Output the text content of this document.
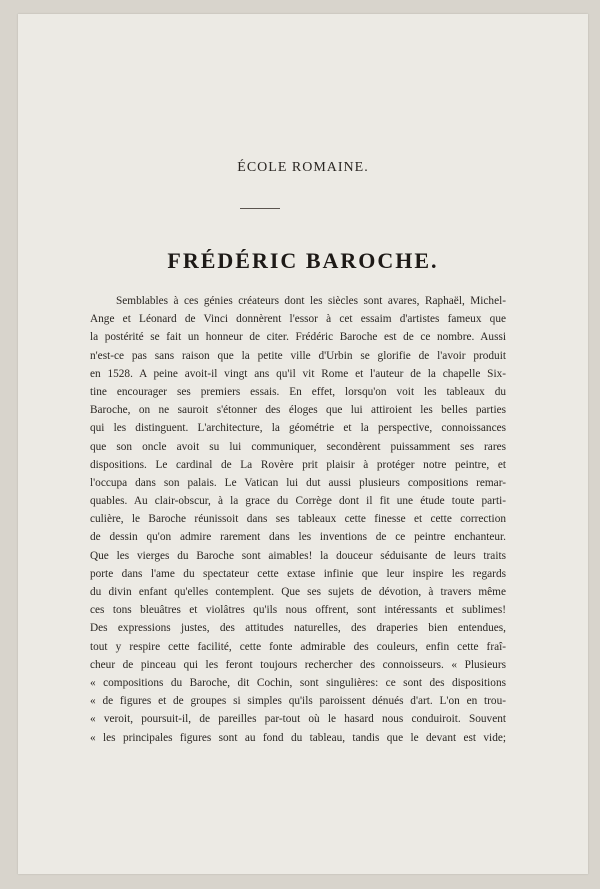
ÉCOLE ROMAINE.
FRÉDÉRIC BAROCHE.
Semblables à ces génies créateurs dont les siècles sont avares, Raphaël, Michel-
Ange et Léonard de Vinci donnèrent l'essor à cet essaim d'artistes fameux que
la postérité se fait un honneur de citer. Frédéric Baroche est de ce nombre. Aussi
n'est-ce pas sans raison que la petite ville d'Urbin se glorifie de l'avoir produit
en 1528. A peine avoit-il vingt ans qu'il vit Rome et l'auteur de la chapelle Six-
tine encourager ses premiers essais. En effet, lorsqu'on voit les tableaux du
Baroche, on ne sauroit s'étonner des éloges que lui attiroient les belles parties
qui les distinguent. L'architecture, la géométrie et la perspective, connoissances
que son oncle avoit su lui communiquer, secondèrent puissamment ses rares
dispositions. Le cardinal de La Rovère prit plaisir à protéger notre peintre, et
l'occupa dans son palais. Le Vatican lui dut aussi plusieurs compositions remar-
quables. Au clair-obscur, à la grace du Corrège dont il fit une étude toute parti-
culière, le Baroche réunissoit dans ses tableaux cette finesse et cette correction
de dessin qu'on admire rarement dans les inventions de ce peintre enchanteur.
Que les vierges du Baroche sont aimables! la douceur séduisante de leurs traits
porte dans l'ame du spectateur cette extase infinie que leur inspire les regards
du divin enfant qu'elles contemplent. Que ses sujets de dévotion, à travers même
ces tons bleuâtres et violâtres qu'ils nous offrent, sont intéressants et sublimes!
Des expressions justes, des attitudes naturelles, des draperies bien entendues,
tout y respire cette facilité, cette fonte admirable des couleurs, enfin cette fraî-
cheur de pinceau qui les feront toujours rechercher des connoisseurs. « Plusieurs
« compositions du Baroche, dit Cochin, sont singulières: ce sont des dispositions
« de figures et de groupes si simples qu'ils paroissent dénués d'art. L'on en trou-
« veroit, poursuit-il, de pareilles par-tout où le hasard nous conduiroit. Souvent
« les principales figures sont au fond du tableau, tandis que le devant est vide;
